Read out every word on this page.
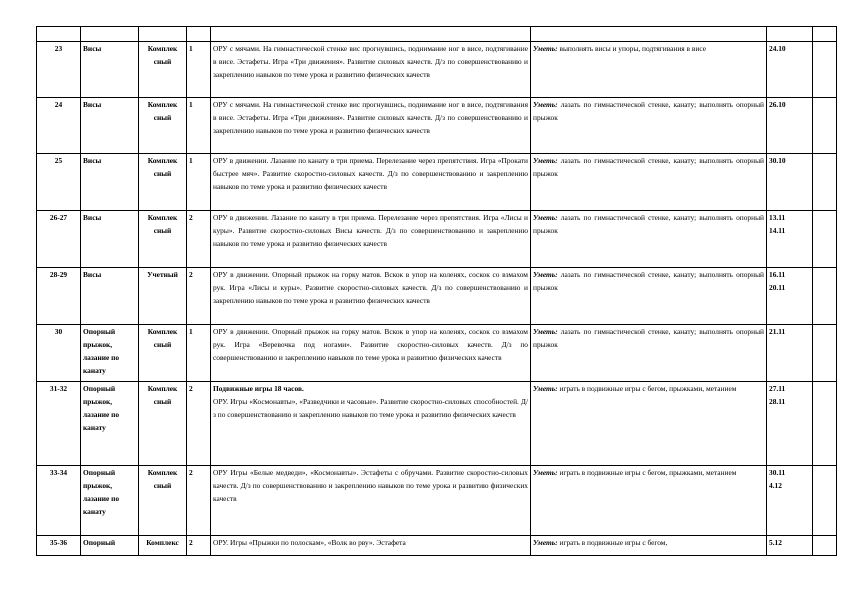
23	Висы	Комплек сный	1	ОРУ с мячами. На гимнастической стенке вис прогнувшись, поднимание ног в висе, подтягивание в висе. Эстафеты. Игра «Три движения». Развитие силовых качеств. Д/з по совершенствованию и закреплению навыков по теме урока и развитию физических качеств	Уметь: выполнять висы и упоры, подтягивания в висе	24.10	

24	Висы	Комплек сный	1	ОРУ с мячами. На гимнастической стенке вис прогнувшись, поднимание ног в висе, подтягивания в висе. Эстафеты. Игра «Три движения». Развитие силовых качеств. Д/з по совершенствованию и закреплению навыков по теме урока и развитию физических качеств	Уметь: лазать по гимнастической стенке, канату; выполнять опорный прыжок	26.10	

25	Висы	Комплек сный	1	ОРУ в движении. Лазание по канату в три приема. Перелезание через препятствия. Игра «Прокати быстрее мяч». Развитие скоростно-силовых качеств. Д/з по совершенствованию и закреплению навыков по теме урока и развитию физических качеств	Уметь: лазать по гимнастической стенке, канату; выполнять опорный прыжок	30.10	

26-27	Висы	Комплек сный	2	ОРУ в движении. Лазание по канату в три приема. Перелезание через препятствия. Игра «Лисы и куры». Развитие скоростно-силовых Висы качеств. Д/з по совершенствованию и закреплению навыков по теме урока и развитию физических качеств	Уметь: лазать по гимнастической стенке, канату; выполнять опорный прыжок	13.11
14.11	

28-29	Висы	Учетный	2	ОРУ в движении. Опорный прыжок на горку матов. Вскок в упор на коленях, соскок со взмахом рук. Игра «Лисы и куры». Развитие скоростно-силовых качеств. Д/з по совершенствованию и закреплению навыков по теме урока и развитию физических качеств	Уметь: лазать по гимнастической стенке, канату; выполнять опорный прыжок	16.11
20.11	

30	Опорный прыжок, лазание по канату	Комплек сный	1	ОРУ в движении. Опорный прыжок на горку матов. Вскок в упор на коленях, соскок со взмахом рук. Игра «Веревочка под ногами». Развитие скоростно-силовых качеств. Д/з по совершенствованию и закреплению навыков по теме урока и развитию физических качеств	Уметь: лазать по гимнастической стенке, канату; выполнять опорный прыжок	21.11	

31-32	Опорный прыжок, лазание по канату	Комплек сный	2	Подвижные игры 18 часов.
ОРУ. Игры «Космонавты», «Разведчики и часовые». Развитие скоростно-силовых способностей. Д/з по совершенствованию и закреплению навыков по теме урока и развитию физических качеств	Уметь: играть в подвижные игры с бегом, прыжками, метанием	27.11
28.11	

33-34	Опорный прыжок, лазание по канату	Комплек сный	2	ОРУ Игры «Белые медведи», «Космонавты». Эстафеты с обручами. Развитие скоростно-силовых качеств. Д/з по совершенствованию и закреплению навыков по теме урока и развитию физических качеств	Уметь: играть в подвижные игры с бегом, прыжками, метанием	30.11
4.12	

35-36	Опорный	Комплекс	2	ОРУ. Игры «Прыжки по полоскам», «Волк во рву». Эстафета	Уметь: играть в подвижные игры с бегом,	5.12	
